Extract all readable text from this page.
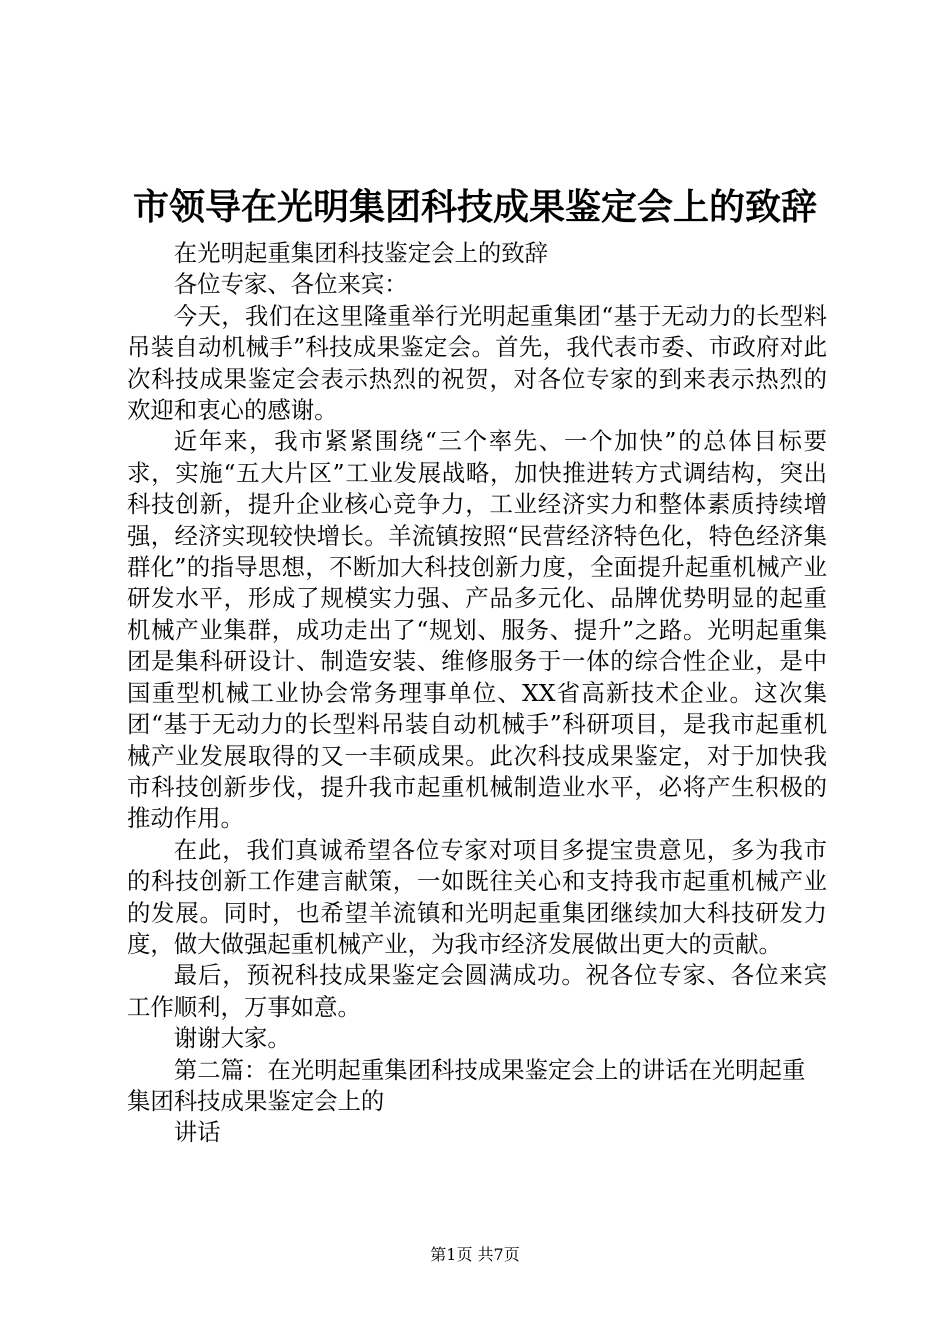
市领导在光明集团科技成果鉴定会上的致辞

在光明起重集团科技鉴定会上的致辞

各位专家、各位来宾：

今天，我们在这里隆重举行光明起重集团“基于无动力的长型料吊装自动机械手”科技成果鉴定会。首先，我代表市委、市政府对此次科技成果鉴定会表示热烈的祝贺，对各位专家的到来表示热烈的欢迎和衷心的感谢。

近年来，我市紧紧围绕“三个率先、一个加快”的总体目标要求，实施“五大片区”工业发展战略，加快推进转方式调结构，突出科技创新，提升企业核心竞争力，工业经济实力和整体素质持续增强，经济实现较快增长。羊流镇按照“民营经济特色化，特色经济集群化”的指导思想，不断加大科技创新力度，全面提升起重机械产业研发水平，形成了规模实力强、产品多元化、品牌优势明显的起重机械产业集群，成功走出了“规划、服务、提升”之路。光明起重集团是集科研设计、制造安装、维修服务于一体的综合性企业，是中国重型机械工业协会常务理事单位、XX省高新技术企业。这次集团“基于无动力的长型料吊装自动机械手”科研项目，是我市起重机械产业发展取得的又一丰硕成果。此次科技成果鉴定，对于加快我市科技创新步伐，提升我市起重机械制造业水平，必将产生积极的推动作用。

在此，我们真诚希望各位专家对项目多提宝贵意见，多为我市的科技创新工作建言献策，一如既往关心和支持我市起重机械产业的发展。同时，也希望羊流镇和光明起重集团继续加大科技研发力度，做大做强起重机械产业，为我市经济发展做出更大的贡献。

最后，预祝科技成果鉴定会圆满成功。祝各位专家、各位来宾工作顺利，万事如意。

谢谢大家。

第二篇：在光明起重集团科技成果鉴定会上的讲话在光明起重集团科技成果鉴定会上的

讲话

第1页 共7页
